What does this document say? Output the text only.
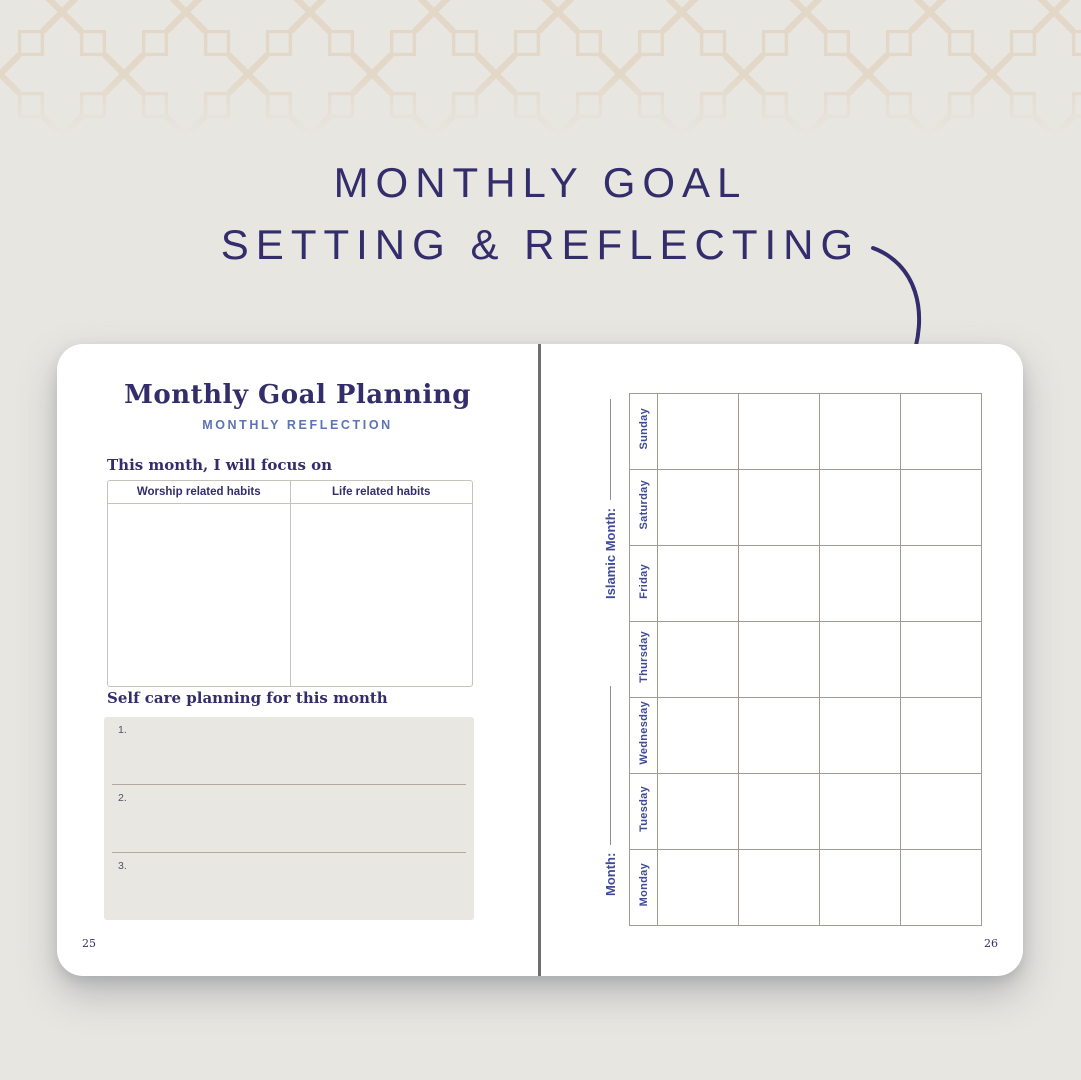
MONTHLY GOAL
SETTING & REFLECTING
Monthly Goal Planning
MONTHLY REFLECTION
This month, I will focus on
Worship related habits	Life related habits
Self care planning for this month
1.
2.
3.
25
Islamic Month:
Month:
Sunday				
Saturday				
Friday				
Thursday				
Wednesday				
Tuesday				
Monday				
26
